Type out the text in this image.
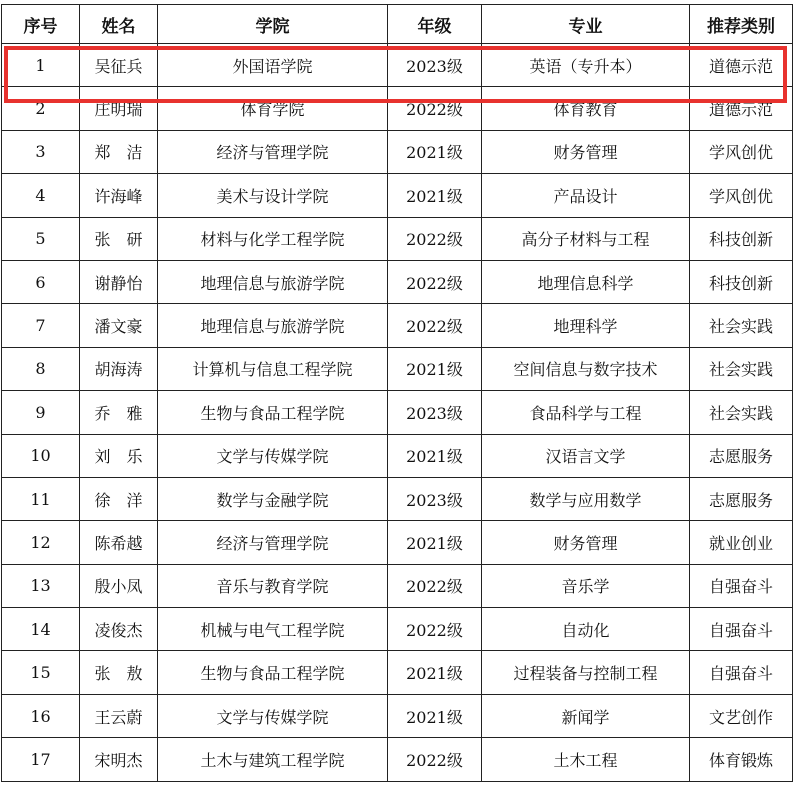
序号	姓名	学院	年级	专业	推荐类别
1	吴征兵	外国语学院	2023级	英语（专升本）	道德示范
2	庄明瑞	体育学院	2022级	体育教育	道德示范
3	郑　洁	经济与管理学院	2021级	财务管理	学风创优
4	许海峰	美术与设计学院	2021级	产品设计	学风创优
5	张　研	材料与化学工程学院	2022级	高分子材料与工程	科技创新
6	谢静怡	地理信息与旅游学院	2022级	地理信息科学	科技创新
7	潘文豪	地理信息与旅游学院	2022级	地理科学	社会实践
8	胡海涛	计算机与信息工程学院	2021级	空间信息与数字技术	社会实践
9	乔　雅	生物与食品工程学院	2023级	食品科学与工程	社会实践
10	刘　乐	文学与传媒学院	2021级	汉语言文学	志愿服务
11	徐　洋	数学与金融学院	2023级	数学与应用数学	志愿服务
12	陈希越	经济与管理学院	2021级	财务管理	就业创业
13	殷小凤	音乐与教育学院	2022级	音乐学	自强奋斗
14	凌俊杰	机械与电气工程学院	2022级	自动化	自强奋斗
15	张　敖	生物与食品工程学院	2021级	过程装备与控制工程	自强奋斗
16	王云蔚	文学与传媒学院	2021级	新闻学	文艺创作
17	宋明杰	土木与建筑工程学院	2022级	土木工程	体育锻炼
